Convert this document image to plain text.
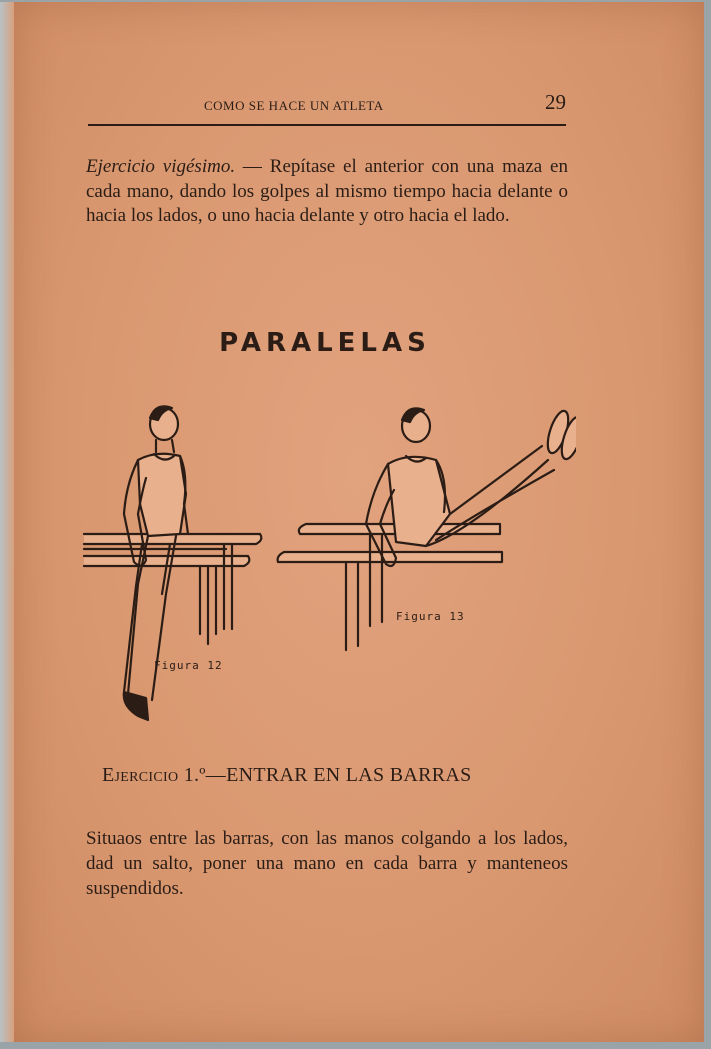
COMO SE HACE UN ATLETA	29

Ejercicio vigésimo. — Repítase el anterior con una maza en cada mano, dando los golpes al mismo tiempo hacia delante o hacia los lados, o uno hacia delante y otro hacia el lado.

PARALELAS
Figura 12
Figura 13
Ejercicio 1.º—ENTRAR EN LAS BARRAS

Situaos entre las barras, con las manos colgando a los lados, dad un salto, poner una mano en cada barra y manteneos suspendidos.
